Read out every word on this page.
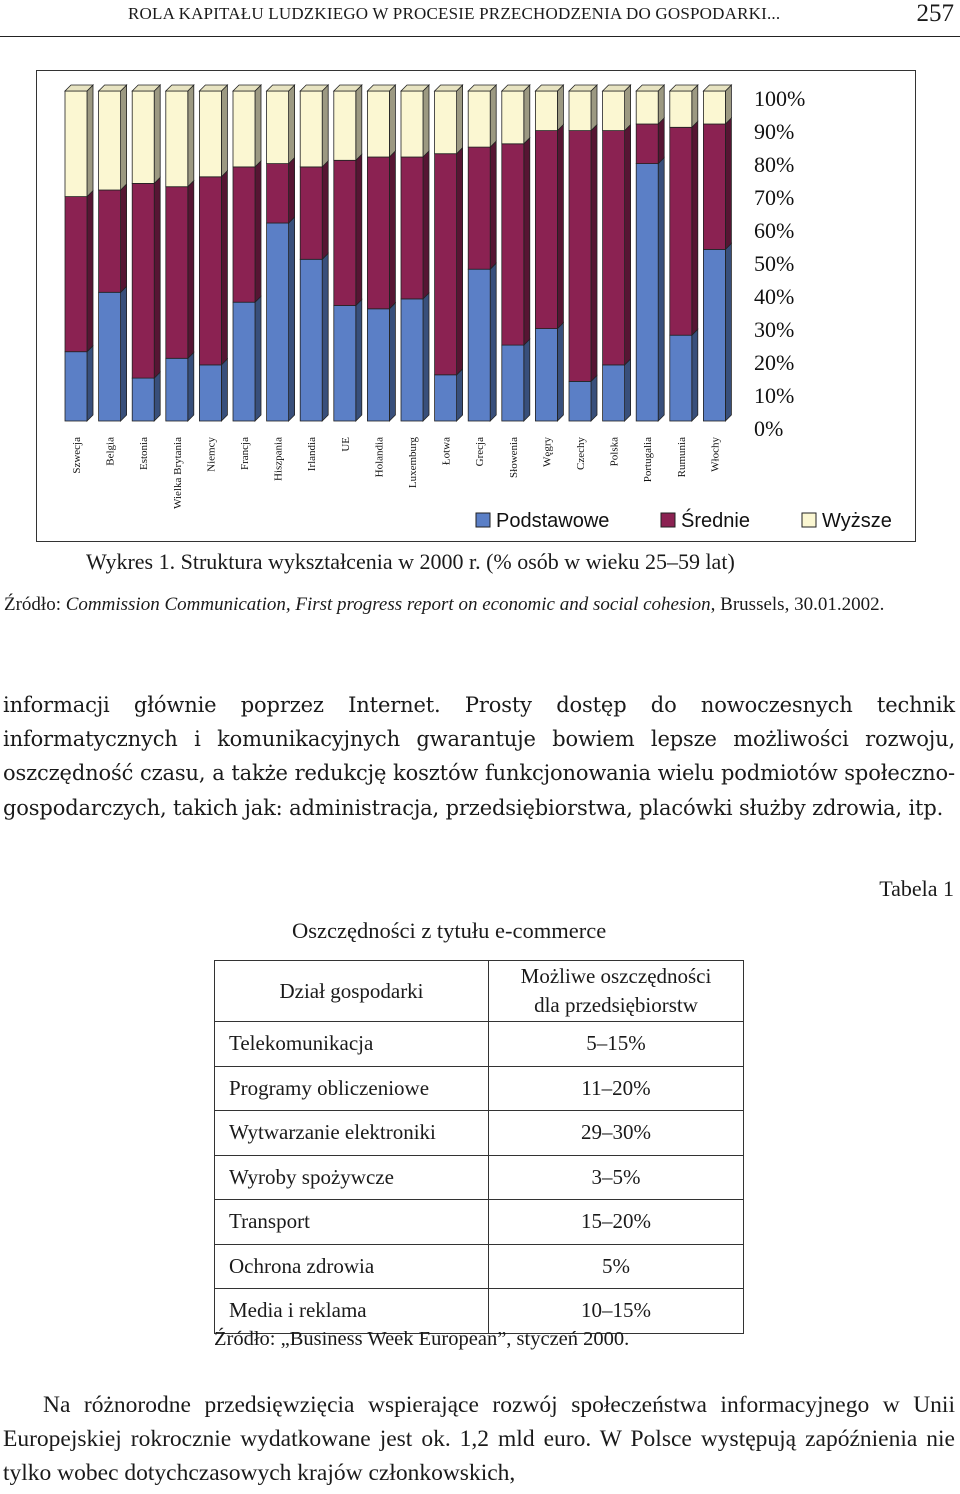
ROLA KAPITAŁU LUDZKIEGO W PROCESIE PRZECHODZENIA DO GOSPODARKI...	257
Szwecja Belgia Estonia Wielka Brytania Niemcy Francja Hiszpania Irlandia UE Holandia Luxemburg Łotwa Grecja Słowenia Węgry Czechy Polska Portugalia Rumunia Włochy
100%
90%
80%
70%
60%
50%
40%
30%
20%
10%
0%
Podstawowe	Średnie	Wyższe
Wykres 1. Struktura wykształcenia w 2000 r. (% osób w wieku 25–59 lat)
Źródło: Commission Communication, First progress report on economic and social cohesion, Brussels, 30.01.2002.
informacji głównie poprzez Internet. Prosty dostęp do nowoczesnych technik informatycznych i komunikacyjnych gwarantuje bowiem lepsze możliwości rozwoju, oszczędność czasu, a także redukcję kosztów funkcjonowania wielu podmiotów społeczno-gospodarczych, takich jak: administracja, przedsiębiorstwa, placówki służby zdrowia, itp.
Tabela 1
Oszczędności z tytułu e-commerce
Dział gospodarki	Możliwe oszczędności
dla przedsiębiorstw
Telekomunikacja	5–15%
Programy obliczeniowe	11–20%
Wytwarzanie elektroniki	29–30%
Wyroby spożywcze	3–5%
Transport	15–20%
Ochrona zdrowia	5%
Media i reklama	10–15%
Źródło: „Business Week European”, styczeń 2000.
Na różnorodne przedsięwzięcia wspierające rozwój społeczeństwa informacyjnego w Unii Europejskiej rokrocznie wydatkowane jest ok. 1,2 mld euro. W Polsce występują zapóźnienia nie tylko wobec dotychczasowych krajów członkowskich,
